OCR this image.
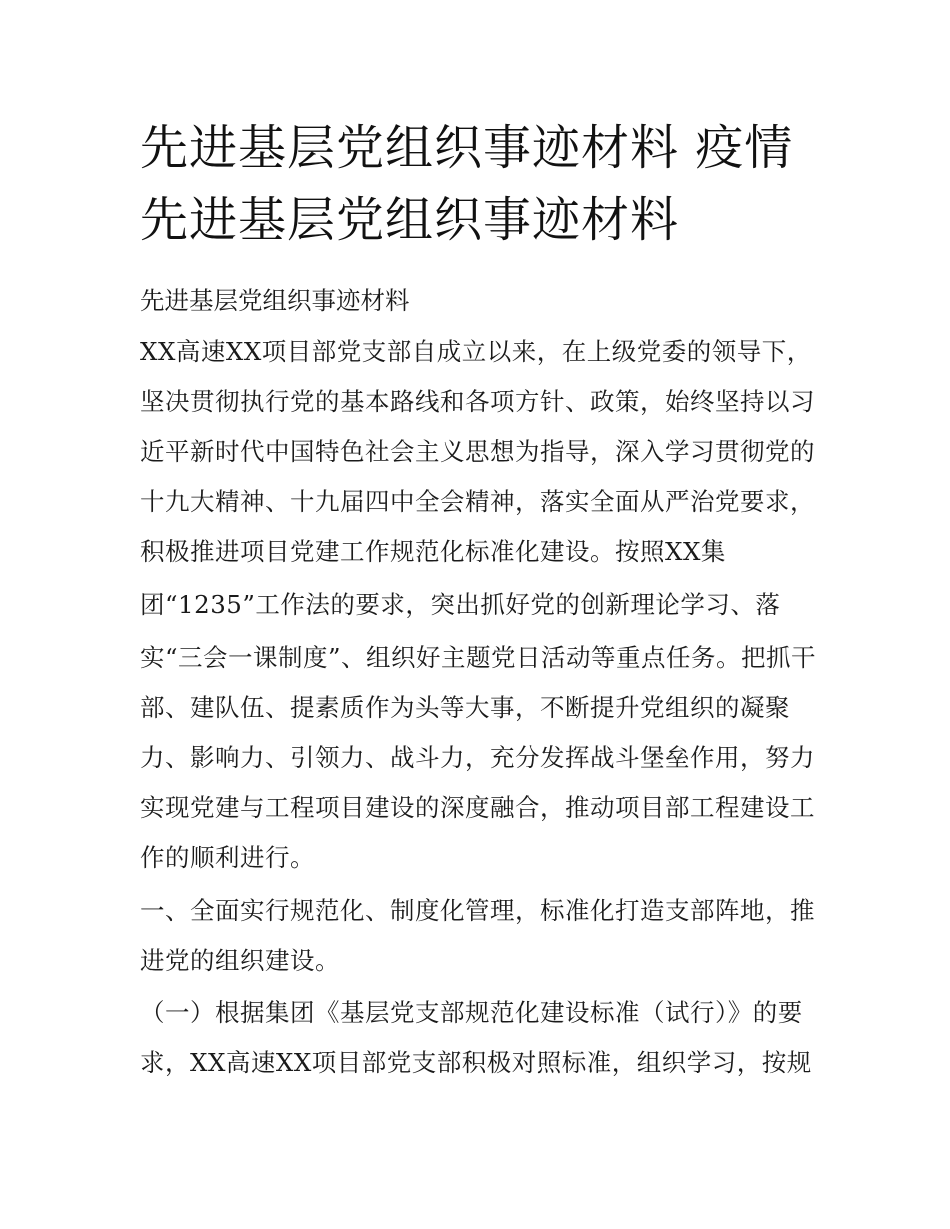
先进基层党组织事迹材料 疫情先进基层党组织事迹材料
先进基层党组织事迹材料
XX高速XX项目部党支部自成立以来，在上级党委的领导下，
坚决贯彻执行党的基本路线和各项方针、政策，始终坚持以习
近平新时代中国特色社会主义思想为指导，深入学习贯彻党的
十九大精神、十九届四中全会精神，落实全面从严治党要求，
积极推进项目党建工作规范化标准化建设。按照XX集
团“1235”工作法的要求，突出抓好党的创新理论学习、落
实“三会一课制度”、组织好主题党日活动等重点任务。把抓干
部、建队伍、提素质作为头等大事，不断提升党组织的凝聚
力、影响力、引领力、战斗力，充分发挥战斗堡垒作用，努力
实现党建与工程项目建设的深度融合，推动项目部工程建设工
作的顺利进行。
一、全面实行规范化、制度化管理，标准化打造支部阵地，推
进党的组织建设。
（一）根据集团《基层党支部规范化建设标准（试行）》的要
求，XX高速XX项目部党支部积极对照标准，组织学习，按规
